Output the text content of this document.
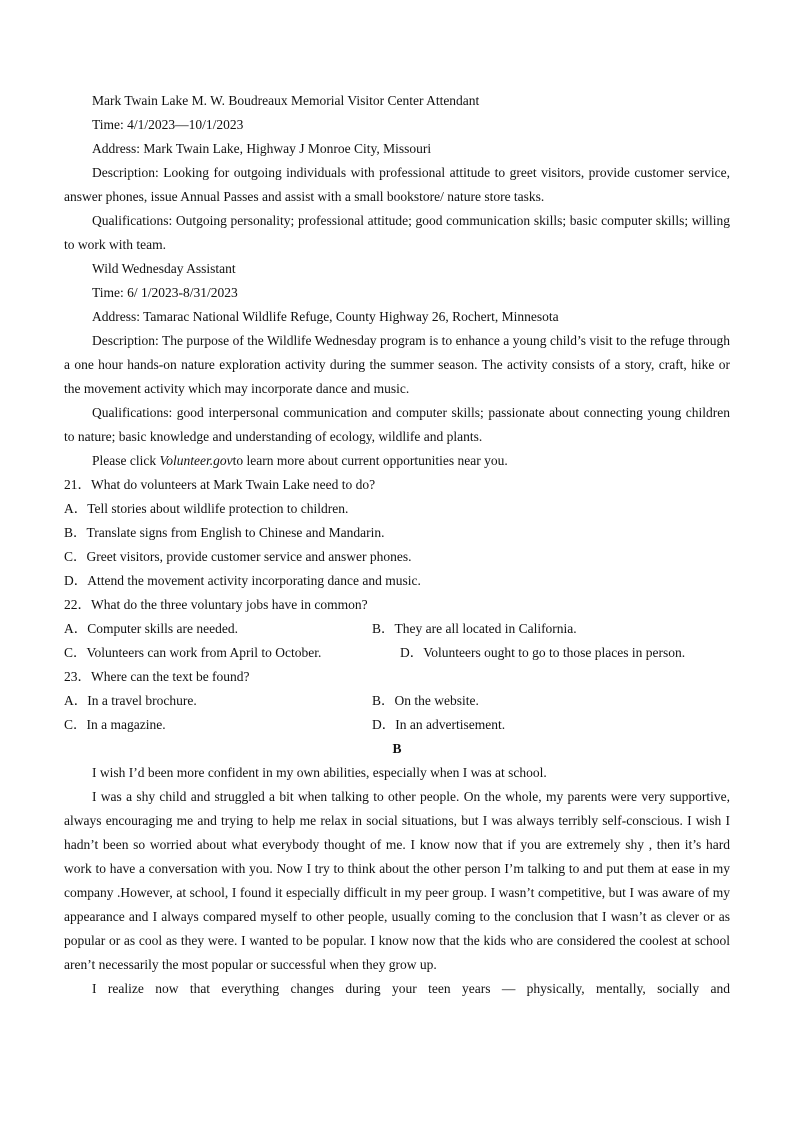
Mark Twain Lake M. W. Boudreaux Memorial Visitor Center Attendant
Time: 4/1/2023—10/1/2023
Address: Mark Twain Lake, Highway J Monroe City, Missouri
Description: Looking for outgoing individuals with professional attitude to greet visitors, provide customer service, answer phones, issue Annual Passes and assist with a small bookstore/ nature store tasks.
Qualifications: Outgoing personality; professional attitude; good communication skills; basic computer skills; willing to work with team.
Wild Wednesday Assistant
Time: 6/ 1/2023-8/31/2023
Address: Tamarac National Wildlife Refuge, County Highway 26, Rochert, Minnesota
Description: The purpose of the Wildlife Wednesday program is to enhance a young child’s visit to the refuge through a one hour hands-on nature exploration activity during the summer season. The activity consists of a story, craft, hike or the movement activity which may incorporate dance and music.
Qualifications: good interpersonal communication and computer skills; passionate about connecting young children to nature; basic knowledge and understanding of ecology, wildlife and plants.
Please click Volunteer.govto learn more about current opportunities near you.
21．What do volunteers at Mark Twain Lake need to do?
A．Tell stories about wildlife protection to children.
B．Translate signs from English to Chinese and Mandarin.
C．Greet visitors, provide customer service and answer phones.
D．Attend the movement activity incorporating dance and music.
22．What do the three voluntary jobs have in common?
A．Computer skills are needed.	B．They are all located in California.
C．Volunteers can work from April to October.	D．Volunteers ought to go to those places in person.
23．Where can the text be found?
A．In a travel brochure.	B．On the website.
C．In a magazine.	D．In an advertisement.
B
I wish I’d been more confident in my own abilities, especially when I was at school.
I was a shy child and struggled a bit when talking to other people. On the whole, my parents were very supportive, always encouraging me and trying to help me relax in social situations, but I was always terribly self-conscious. I wish I hadn’t been so worried about what everybody thought of me. I know now that if you are extremely shy , then it’s hard work to have a conversation with you. Now I try to think about the other person I’m talking to and put them at ease in my company .However, at school, I found it especially difficult in my peer group. I wasn’t competitive, but I was aware of my appearance and I always compared myself to other people, usually coming to the conclusion that I wasn’t as clever or as popular or as cool as they were. I wanted to be popular. I know now that the kids who are considered the coolest at school aren’t necessarily the most popular or successful when they grow up.
I realize now that everything changes during your teen years — physically, mentally, socially and
